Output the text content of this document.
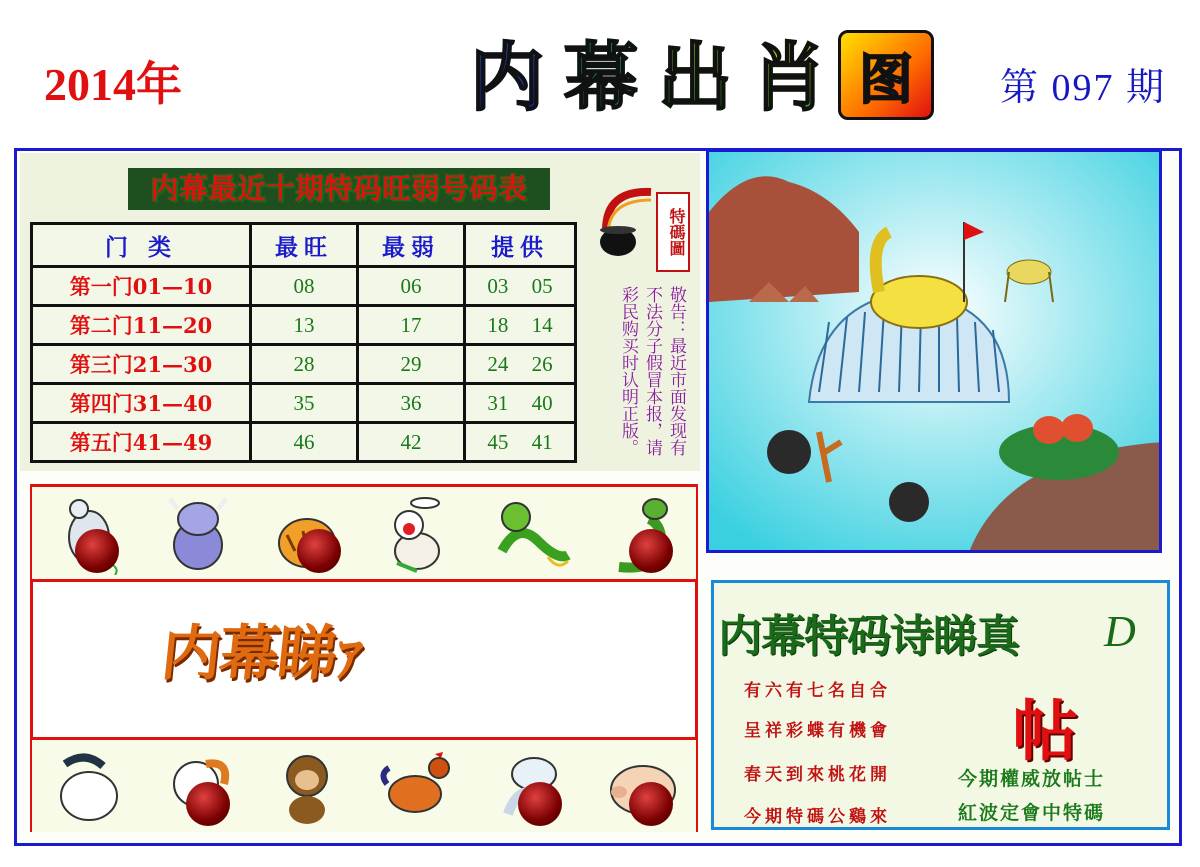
2014年	内 幕 出 肖 图	第 097 期
内幕最近十期特码旺弱号码表
门 类	最旺	最弱	提供
第一门01—10	08	06	03 05
第二门11—20	13	17	18 14
第三门21—30	28	29	24 26
第四门31—40	35	36	31 40
第五门41—49	46	42	45 41
特碼圖
敬告：最近市面发现有不法分子假冒本报，请彩民购买时认明正版。
内幕睇ｧ	内幕特码诗睇真 D
帖
有六有七名自合
呈祥彩蝶有機會
春天到來桃花開
今期特碼公鷄來
今期權威放帖士
紅波定會中特碼
